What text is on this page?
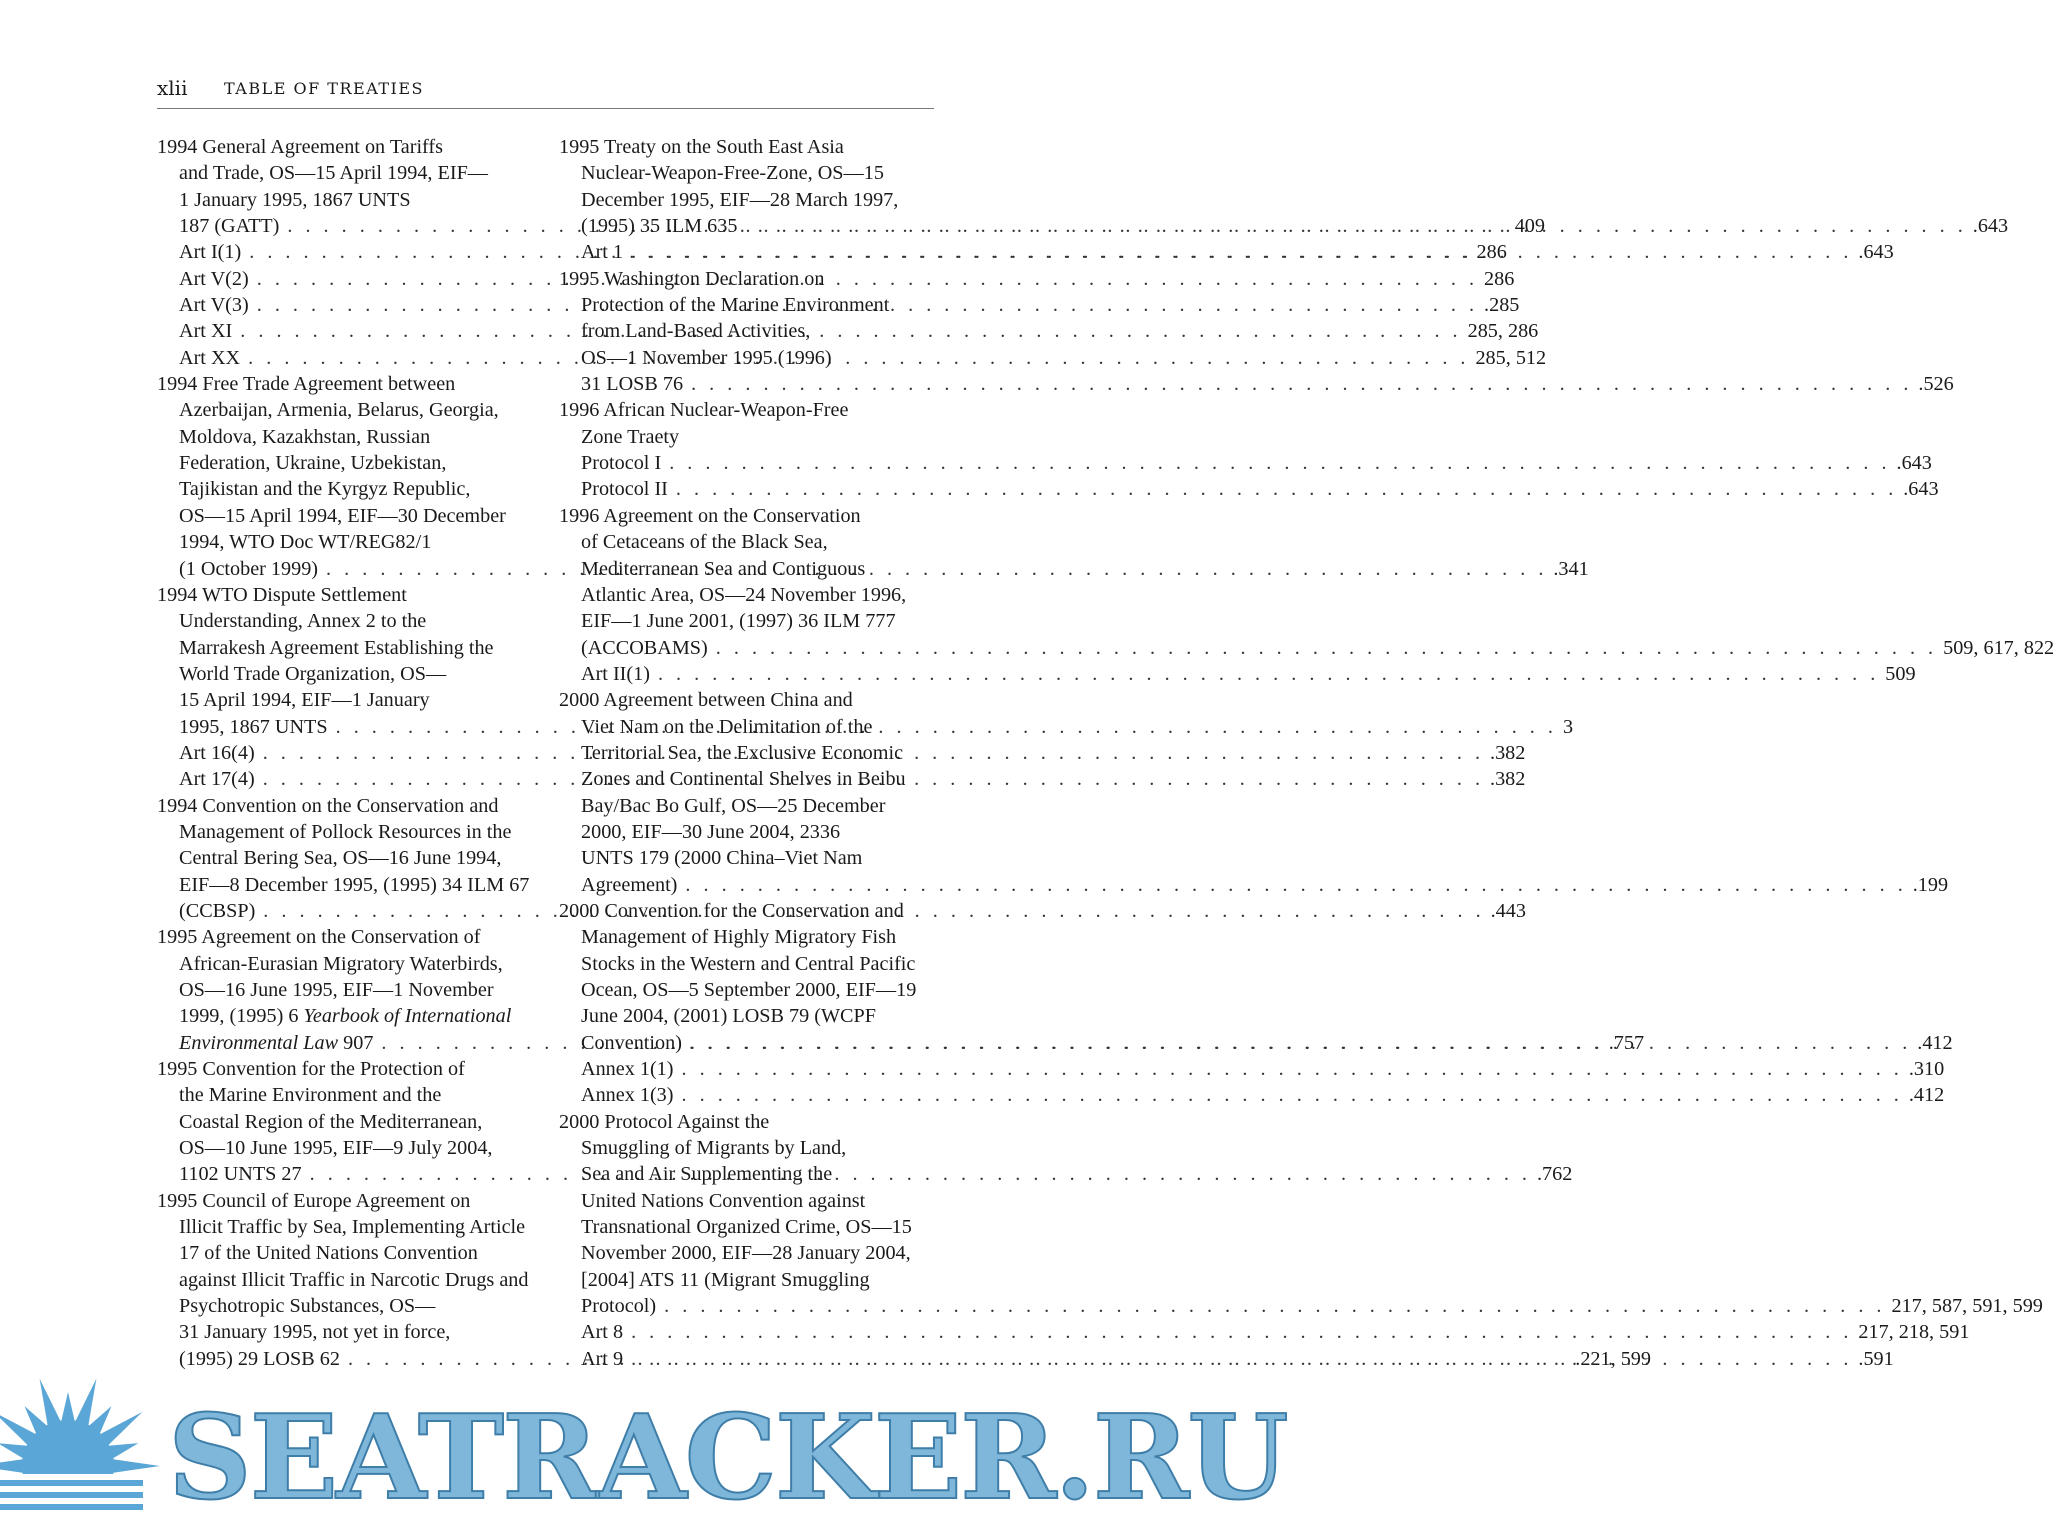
xlii TABLE OF TREATIES
1994 General Agreement on Tariffs
and Trade, OS—15 April 1994, EIF—
1 January 1995, 1867 UNTS
187 (GATT) . . .	409
Art I(1) . . .	286
Art V(2) . . .	286
Art V(3) . . .	.285
Art XI . . .	285, 286
Art XX . . .	285, 512
1994 Free Trade Agreement between
Azerbaijan, Armenia, Belarus, Georgia,
Moldova, Kazakhstan, Russian
Federation, Ukraine, Uzbekistan,
Tajikistan and the Kyrgyz Republic,
OS—15 April 1994, EIF—30 December
1994, WTO Doc WT/REG82/1
(1 October 1999) . . .	.341
1994 WTO Dispute Settlement
Understanding, Annex 2 to the
Marrakesh Agreement Establishing the
World Trade Organization, OS—
15 April 1994, EIF—1 January
1995, 1867 UNTS . . .	3
Art 16(4) . . .	.382
Art 17(4) . . .	.382
1994 Convention on the Conservation and
Management of Pollock Resources in the
Central Bering Sea, OS—16 June 1994,
EIF—8 December 1995, (1995) 34 ILM 67
(CCBSP) . . .	.443
1995 Agreement on the Conservation of
African-Eurasian Migratory Waterbirds,
OS—16 June 1995, EIF—1 November
1999, (1995) 6 Yearbook of International
Environmental Law 907 . . .	.757
1995 Convention for the Protection of
the Marine Environment and the
Coastal Region of the Mediterranean,
OS—10 June 1995, EIF—9 July 2004,
1102 UNTS 27 . . .	.762
1995 Council of Europe Agreement on
Illicit Traffic by Sea, Implementing Article
17 of the United Nations Convention
against Illicit Traffic in Narcotic Drugs and
Psychotropic Substances, OS—
31 January 1995, not yet in force,
(1995) 29 LOSB 62 . . .	.221, 599
1995 Treaty on the South East Asia
Nuclear-Weapon-Free-Zone, OS—15
December 1995, EIF—28 March 1997,
(1995) 35 ILM 635 . . .	.643
Art 1 . . .	.643
1995 Washington Declaration on
Protection of the Marine Environment
from Land-Based Activities,
OS—1 November 1995 (1996)
31 LOSB 76 . . .	.526
1996 African Nuclear-Weapon-Free
Zone Traety
Protocol I . . .	.643
Protocol II . . .	.643
1996 Agreement on the Conservation
of Cetaceans of the Black Sea,
Mediterranean Sea and Contiguous
Atlantic Area, OS—24 November 1996,
EIF—1 June 2001, (1997) 36 ILM 777
(ACCOBAMS) . . .	509, 617, 822
Art II(1) . . .	509
2000 Agreement between China and
Viet Nam on the Delimitation of the
Territorial Sea, the Exclusive Economic
Zones and Continental Shelves in Beibu
Bay/Bac Bo Gulf, OS—25 December
2000, EIF—30 June 2004, 2336
UNTS 179 (2000 China–Viet Nam
Agreement) . . .	.199
2000 Convention for the Conservation and
Management of Highly Migratory Fish
Stocks in the Western and Central Pacific
Ocean, OS—5 September 2000, EIF—19
June 2004, (2001) LOSB 79 (WCPF
Convention) . . .	.412
Annex 1(1) . . .	.310
Annex 1(3) . . .	.412
2000 Protocol Against the
Smuggling of Migrants by Land,
Sea and Air Supplementing the
United Nations Convention against
Transnational Organized Crime, OS—15
November 2000, EIF—28 January 2004,
[2004] ATS 11 (Migrant Smuggling
Protocol) . . .	217, 587, 591, 599
Art 8 . . .	217, 218, 591
Art 9 . . .	.591
SEATRACKER.RU
